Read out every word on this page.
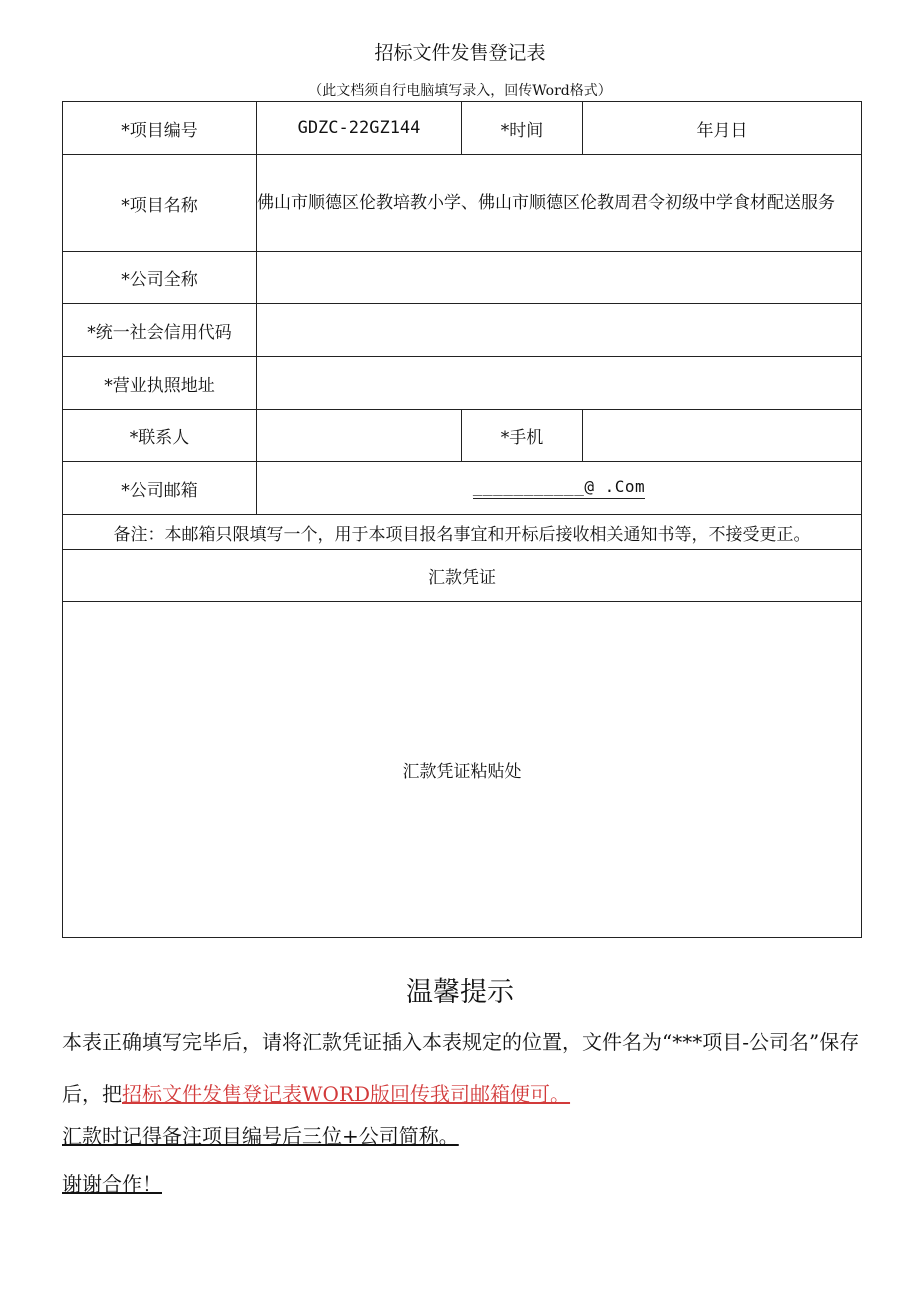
招标文件发售登记表
（此文档须自行电脑填写录入，回传Word格式）
*项目编号	GDZC-22GZ144	*时间	年月日
*项目名称	佛山市顺德区伦教培教小学、佛山市顺德区伦教周君令初级中学食材配送服务		
*公司全称			
*统一社会信用代码			
*营业执照地址			
*联系人		*手机	
*公司邮箱	___________@ .Com		
备注：本邮箱只限填写一个，用于本项目报名事宜和开标后接收相关通知书等，不接受更正。			
汇款凭证			
汇款凭证粘贴处			
温馨提示
本表正确填写完毕后，请将汇款凭证插入本表规定的位置，文件名为“***项目-公司名”保存后，把招标文件发售登记表WORD版回传我司邮箱便可。
汇款时记得备注项目编号后三位+公司简称。
谢谢合作！
